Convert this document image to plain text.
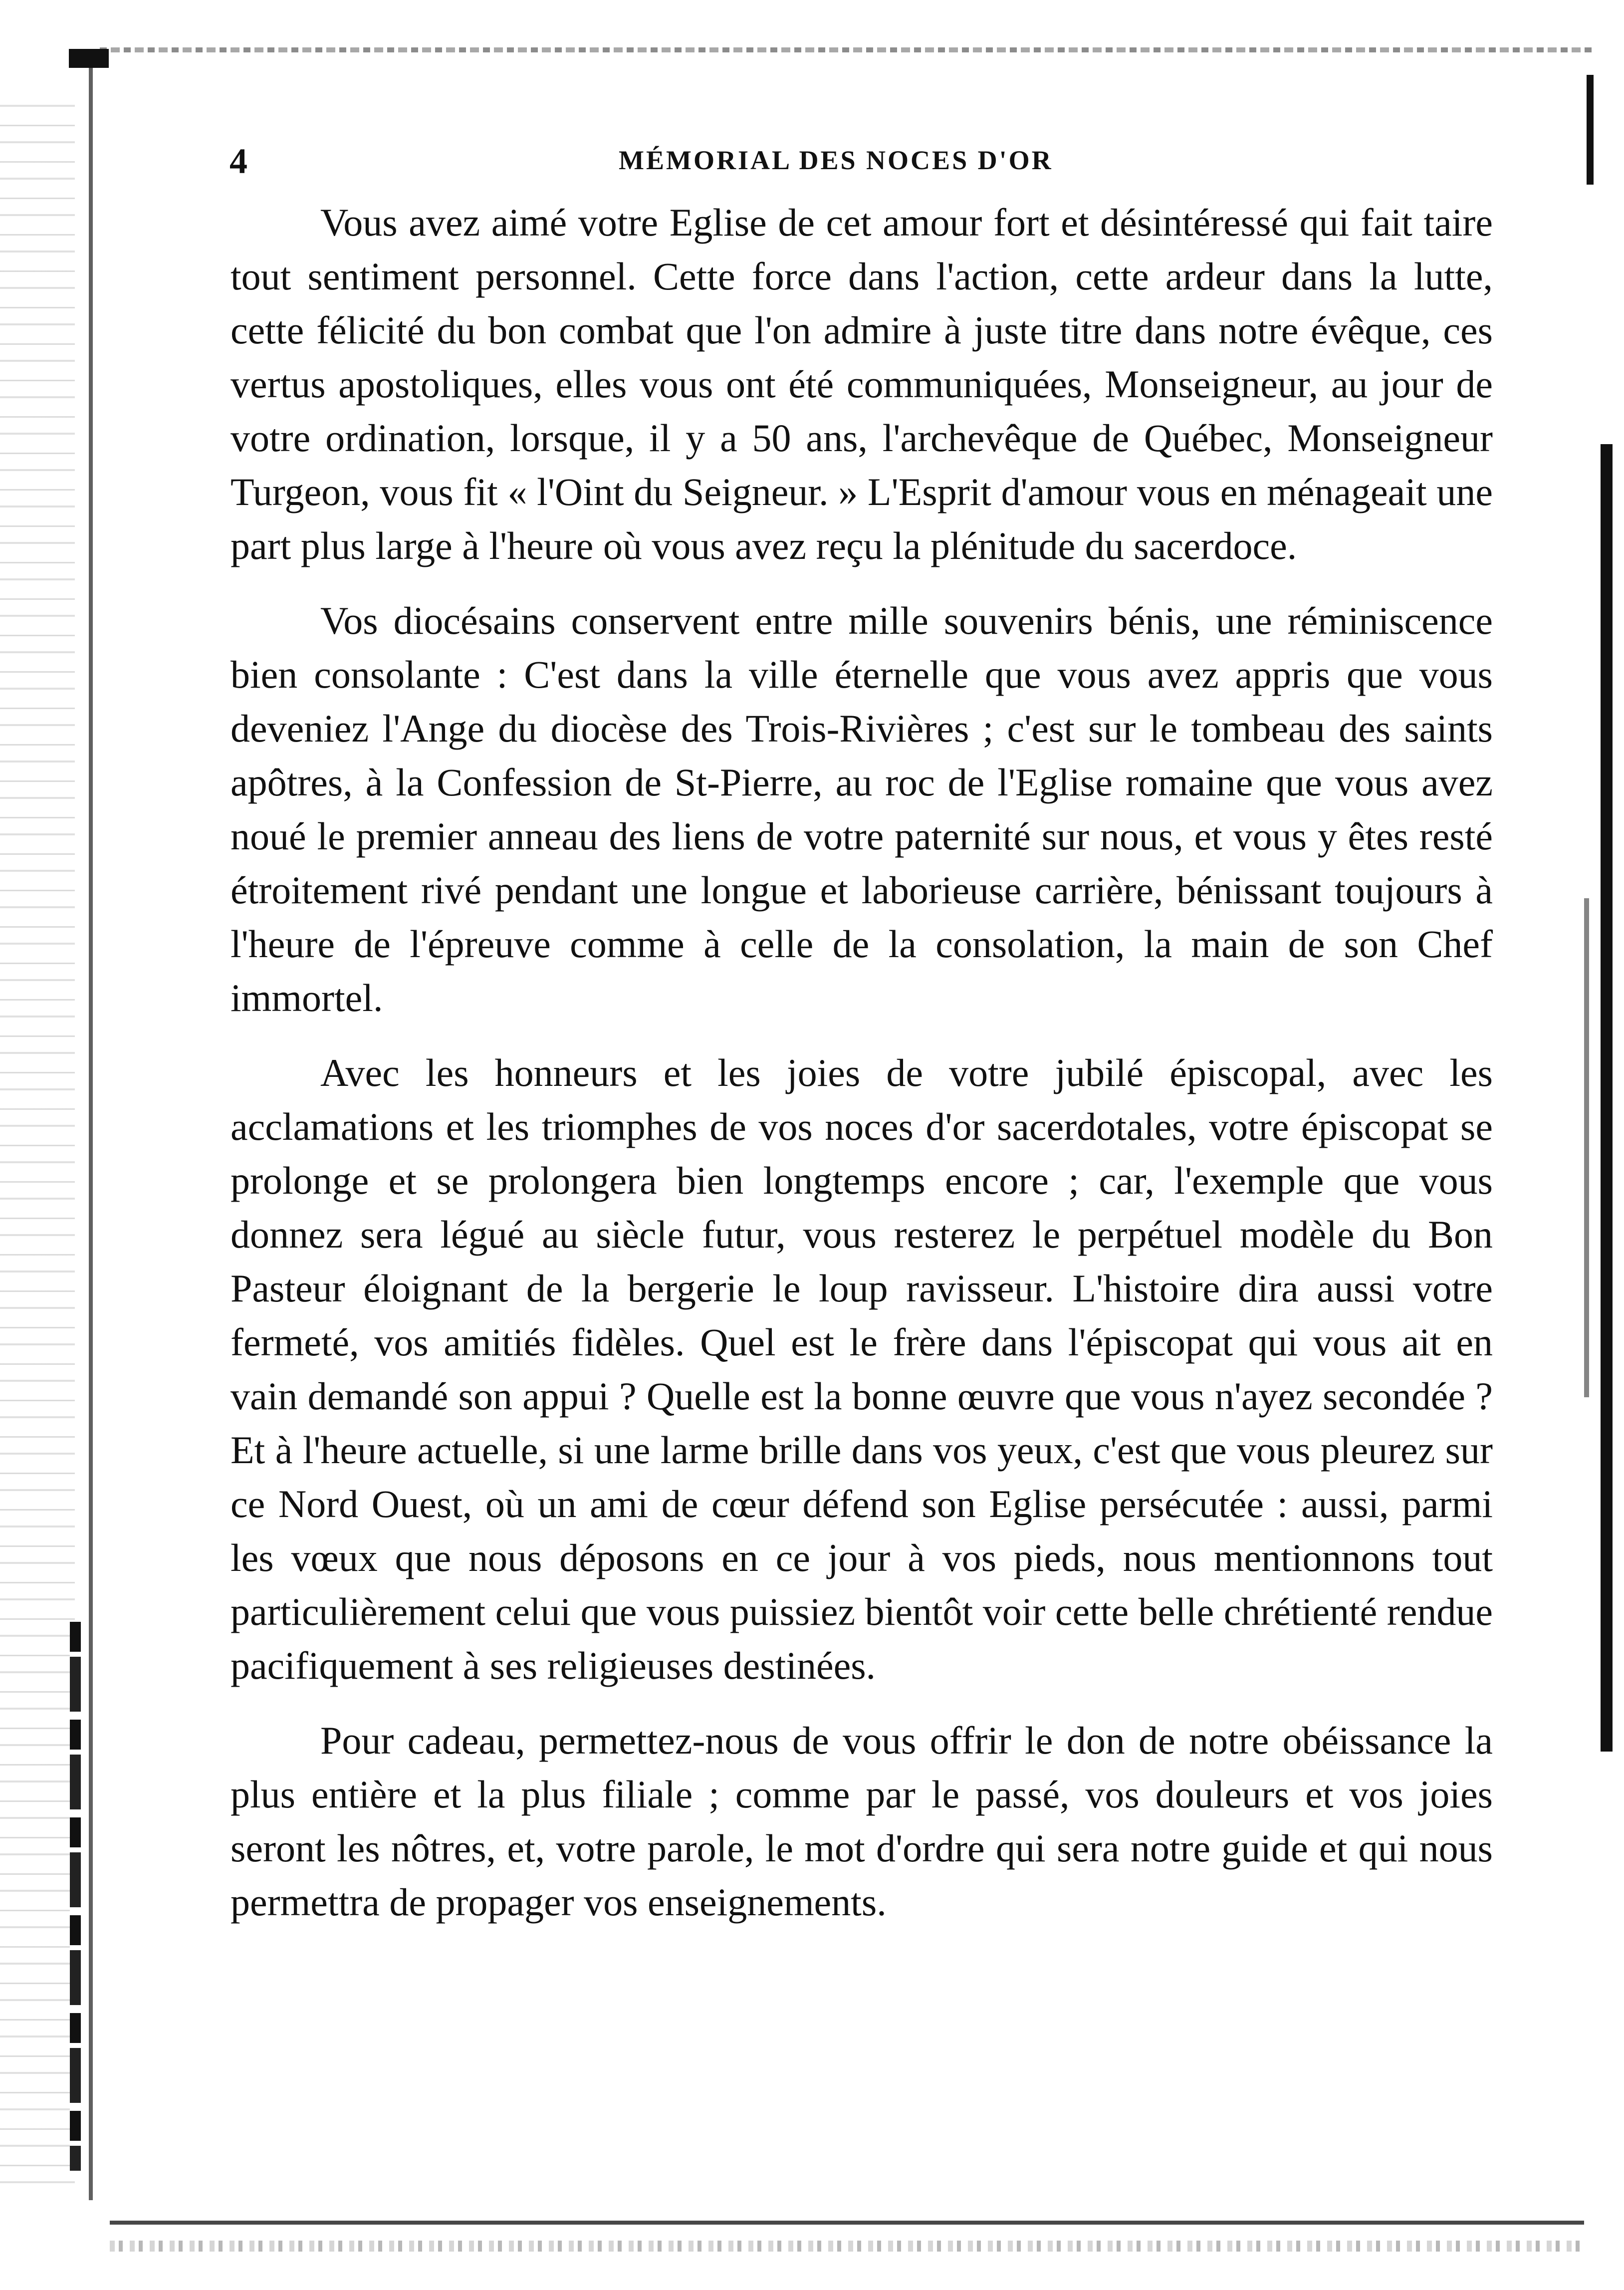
4	MÉMORIAL DES NOCES D'OR

Vous avez aimé votre Eglise de cet amour fort et désintéressé qui fait taire tout sentiment personnel. Cette force dans l'action, cette ardeur dans la lutte, cette félicité du bon combat que l'on admire à juste titre dans notre évêque, ces vertus apostoliques, elles vous ont été communiquées, Monseigneur, au jour de votre ordination, lorsque, il y a 50 ans, l'archevêque de Québec, Monseigneur Turgeon, vous fit « l'Oint du Seigneur. » L'Esprit d'amour vous en ménageait une part plus large à l'heure où vous avez reçu la plénitude du sacerdoce.

Vos diocésains conservent entre mille souvenirs bénis, une réminiscence bien consolante : C'est dans la ville éternelle que vous avez appris que vous deveniez l'Ange du diocèse des Trois-Rivières ; c'est sur le tombeau des saints apôtres, à la Confession de St-Pierre, au roc de l'Eglise romaine que vous avez noué le premier anneau des liens de votre paternité sur nous, et vous y êtes resté étroitement rivé pendant une longue et laborieuse carrière, bénissant toujours à l'heure de l'épreuve comme à celle de la consolation, la main de son Chef immortel.

Avec les honneurs et les joies de votre jubilé épiscopal, avec les acclamations et les triomphes de vos noces d'or sacerdotales, votre épiscopat se prolonge et se prolongera bien longtemps encore ; car, l'exemple que vous donnez sera légué au siècle futur, vous resterez le perpétuel modèle du Bon Pasteur éloignant de la bergerie le loup ravisseur. L'histoire dira aussi votre fermeté, vos amitiés fidèles. Quel est le frère dans l'épiscopat qui vous ait en vain demandé son appui ? Quelle est la bonne œuvre que vous n'ayez secondée ? Et à l'heure actuelle, si une larme brille dans vos yeux, c'est que vous pleurez sur ce Nord Ouest, où un ami de cœur défend son Eglise persécutée : aussi, parmi les vœux que nous déposons en ce jour à vos pieds, nous mentionnons tout particulièrement celui que vous puissiez bientôt voir cette belle chrétienté rendue pacifiquement à ses religieuses destinées.

Pour cadeau, permettez-nous de vous offrir le don de notre obéissance la plus entière et la plus filiale ; comme par le passé, vos douleurs et vos joies seront les nôtres, et, votre parole, le mot d'ordre qui sera notre guide et qui nous permettra de propager vos enseignements.
